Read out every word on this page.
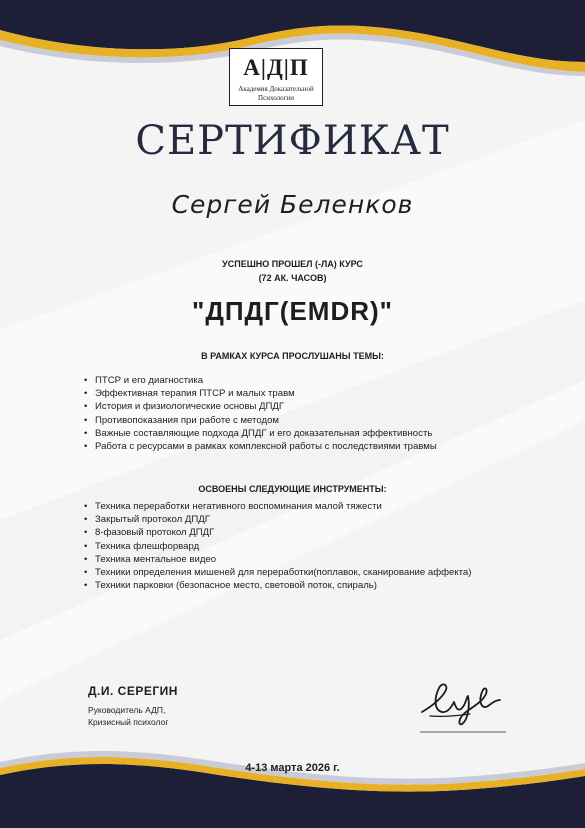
А|Д|П
Академия Доказательной
Психологии
СЕРТИФИКАТ
Сергей Беленков
УСПЕШНО ПРОШЕЛ (-ЛА) КУРС
(72 АК. ЧАСОВ)
"ДПДГ(EMDR)"
В РАМКАХ КУРСА ПРОСЛУШАНЫ ТЕМЫ:
• ПТСР и его диагностика
• Эффективная терапия ПТСР и малых травм
• История и физиологические основы ДПДГ
• Противопоказания при работе с методом
• Важные составляющие подхода ДПДГ и его доказательная эффективность
• Работа с ресурсами в рамках комплексной работы с последствиями травмы
ОСВОЕНЫ СЛЕДУЮЩИЕ ИНСТРУМЕНТЫ:
• Техника переработки негативного воспоминания малой тяжести
• Закрытый протокол ДПДГ
• 8-фазовый протокол ДПДГ
• Техника флешфорвард
• Техника ментальное видео
• Техники определения мишеней для переработки(поплавок, сканирование аффекта)
• Техники парковки (безопасное место, световой поток, спираль)
Д.И. СЕРЕГИН
Руководитель АДП,
Кризисный психолог
4-13 марта 2026 г.
